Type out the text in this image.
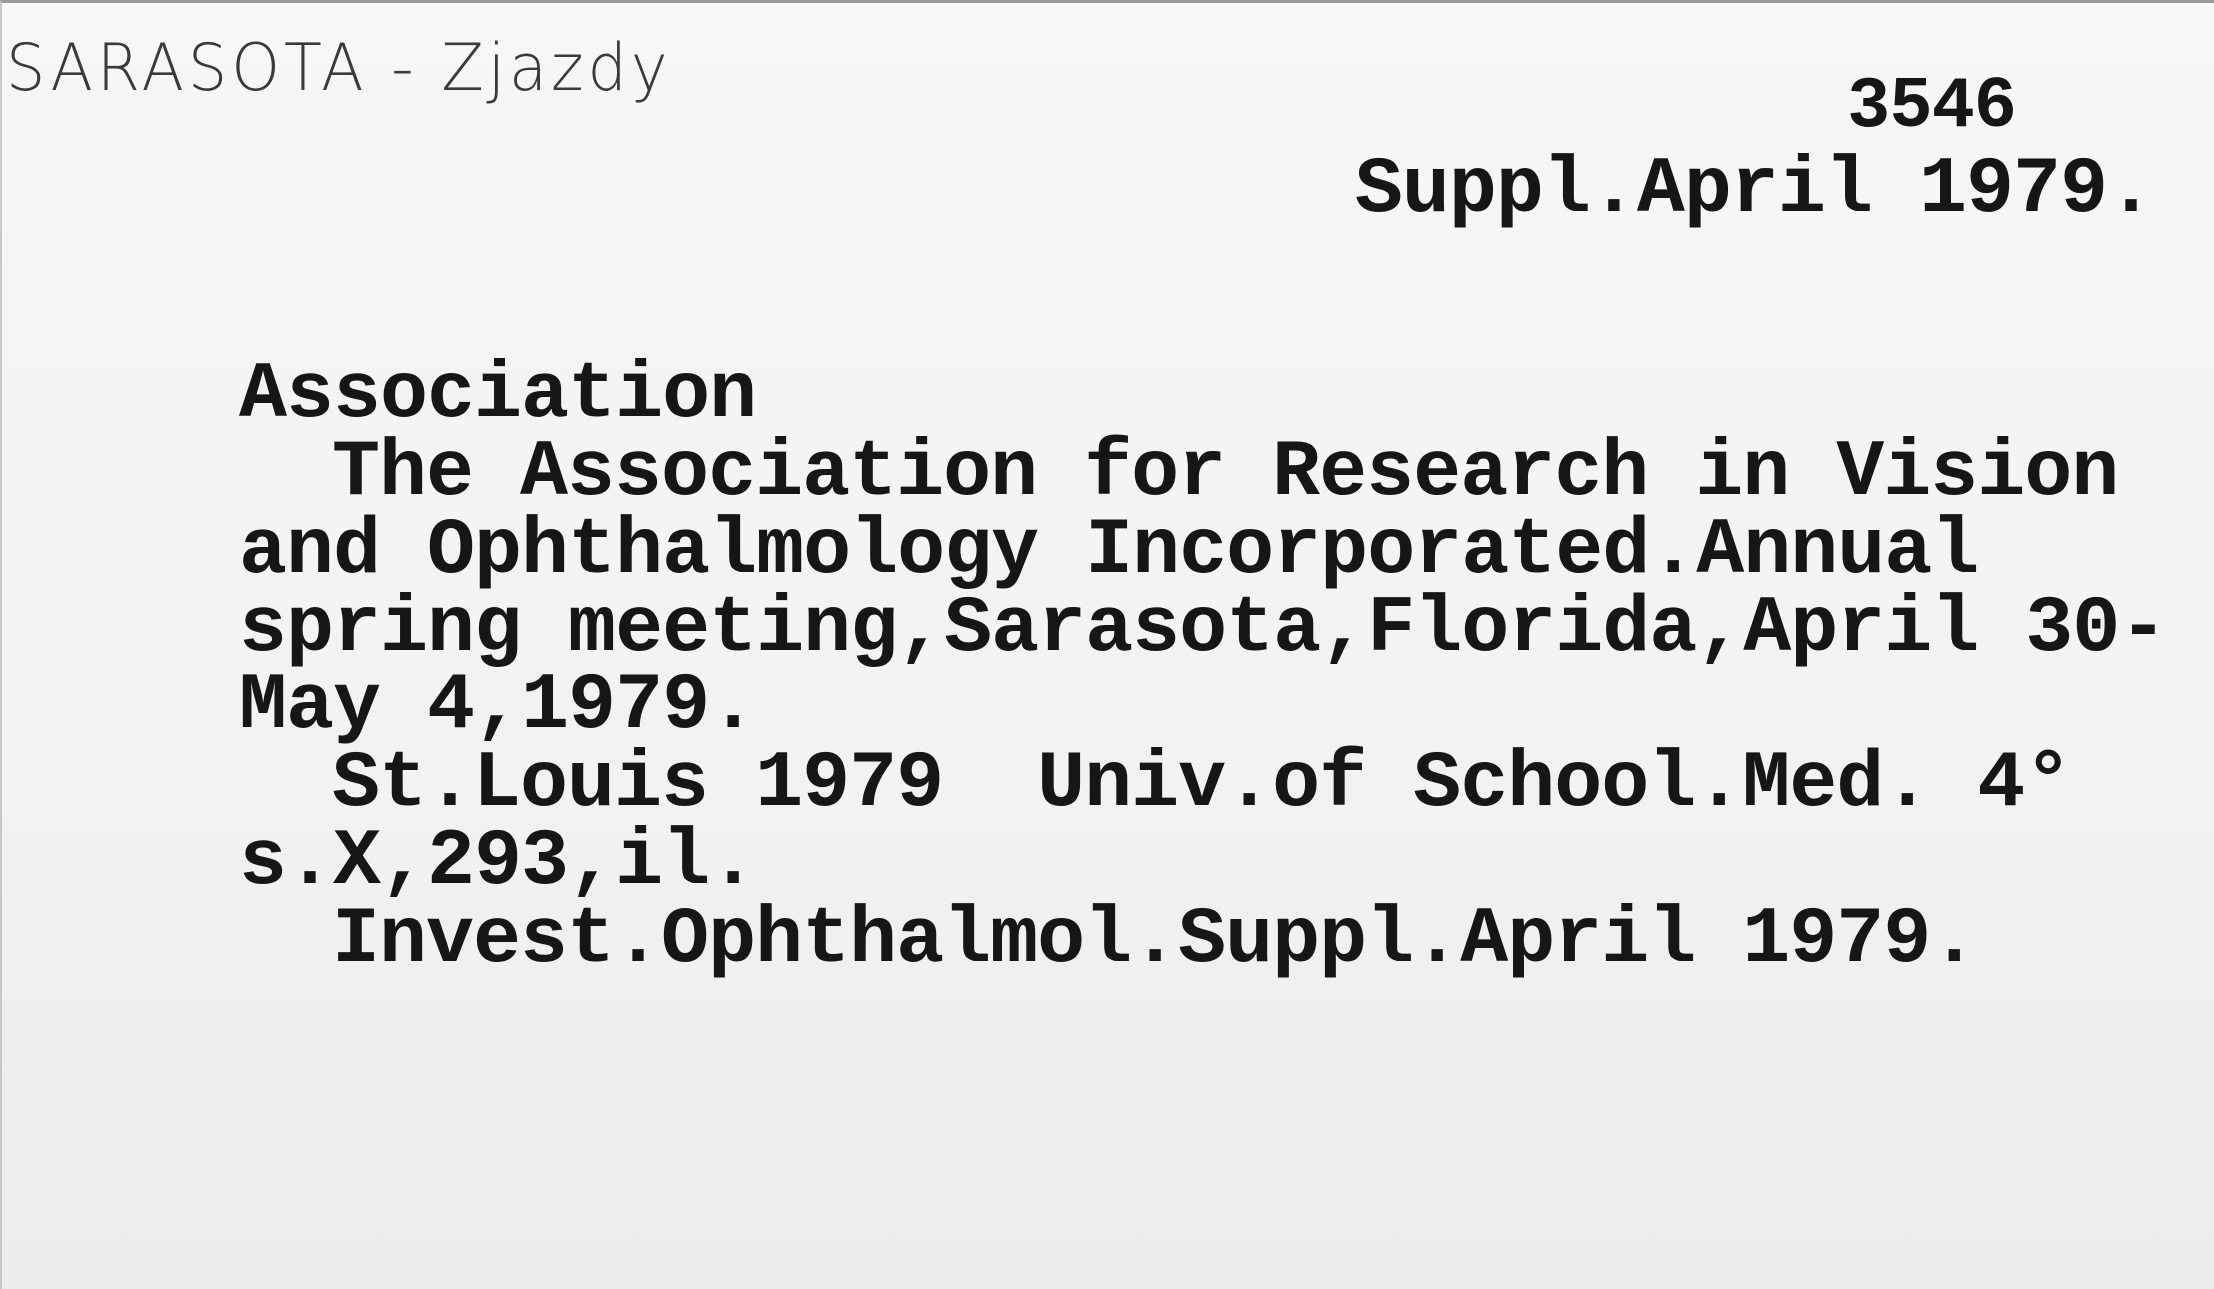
SARASOTA - Zjazdy	3546
Suppl.April 1979.
Association
The Association for Research in Vision
and Ophthalmology Incorporated.Annual
spring meeting,Sarasota,Florida,April 30-
May 4,1979.
St.Louis 1979  Univ.of School.Med. 4°
s.X,293,il.
Invest.Ophthalmol.Suppl.April 1979.
